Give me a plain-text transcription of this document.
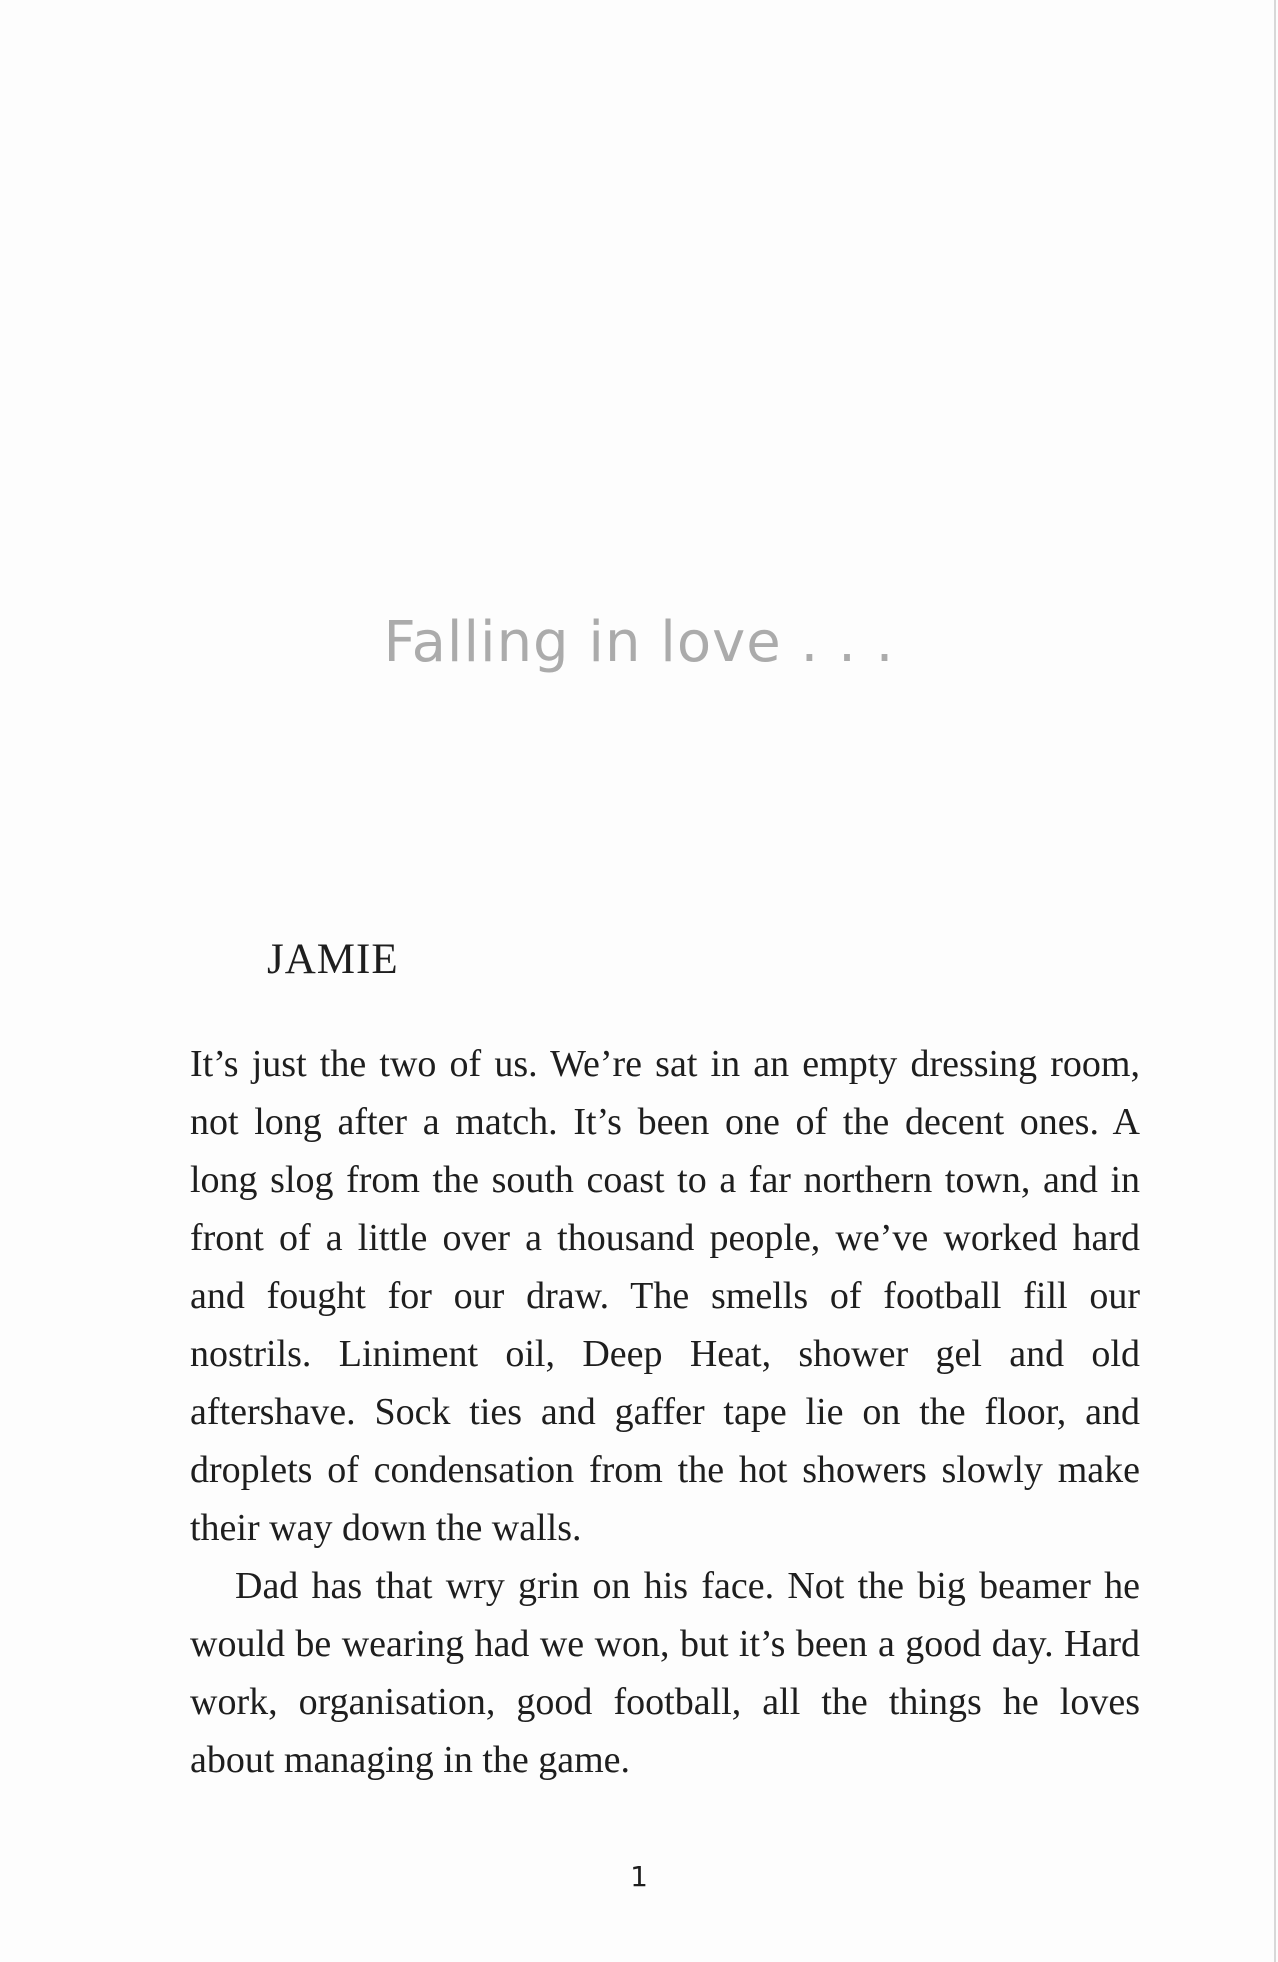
Falling in love . . .
JAMIE

It’s just the two of us. We’re sat in an empty dressing room, not long after a match. It’s been one of the decent ones. A long slog from the south coast to a far northern town, and in front of a little over a thousand people, we’ve worked hard and fought for our draw. The smells of football fill our nostrils. Liniment oil, Deep Heat, shower gel and old aftershave. Sock ties and gaffer tape lie on the floor, and droplets of condensation from the hot showers slowly make their way down the walls.

Dad has that wry grin on his face. Not the big beamer he would be wearing had we won, but it’s been a good day. Hard work, organisation, good football, all the things he loves about managing in the game.

1
